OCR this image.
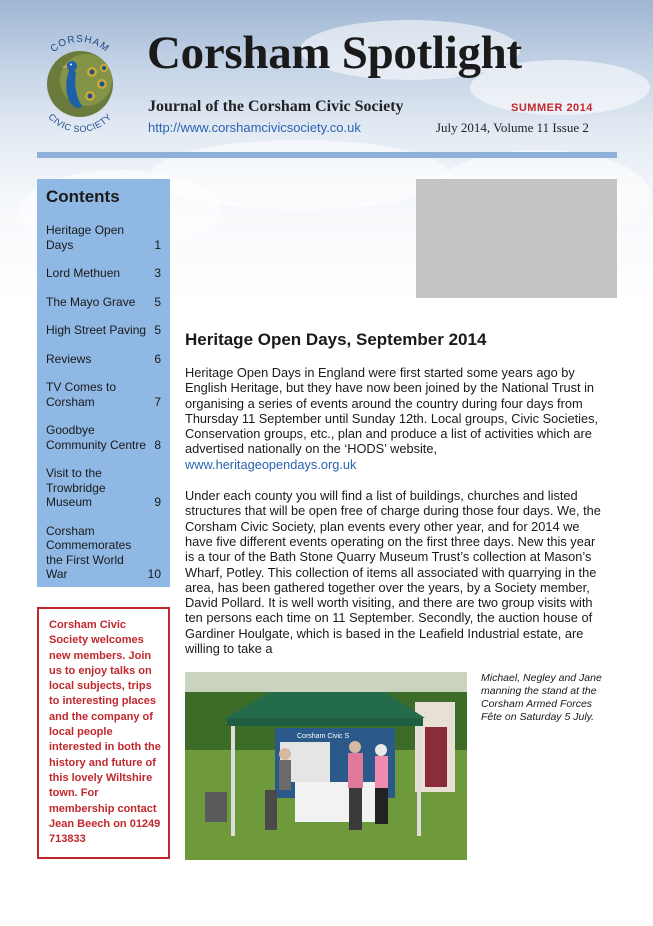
CORSHAM
CIVIC SOCIETY
Corsham Spotlight
Journal of the Corsham Civic Society	SUMMER 2014
http://www.corshamcivicsociety.co.uk	July 2014, Volume 11 Issue 2
Contents
Heritage Open Days	1
Lord Methuen	3
The Mayo Grave 5
High Street Paving 5
Reviews	6
TV Comes to Corsham	7
Goodbye Community Centre 8
Visit to the Trowbridge Museum	9
Corsham Commemorates the First World War	10
Corsham Civic Society welcomes new members. Join us to enjoy talks on local subjects, trips to interesting places and the company of local people interested in both the history and future of this lovely Wiltshire town. For membership contact Jean Beech on 01249 713833
Heritage Open Days, September 2014

Heritage Open Days in England were first started some years ago by English Heritage, but they have now been joined by the National Trust in organising a series of events around the country during four days from Thursday 11 September until Sunday 12th. Local groups, Civic Societies, Conservation groups, etc., plan and produce a list of activities which are advertised nationally on the ‘HODS’ website, www.heritageopendays.org.uk

Under each county you will find a list of buildings, churches and listed structures that will be open free of charge during those four days. We, the Corsham Civic Society, plan events every other year, and for 2014 we have five different events operating on the first three days. New this year is a tour of the Bath Stone Quarry Museum Trust’s collection at Mason’s Wharf, Potley. This collection of items all associated with quarrying in the area, has been gathered together over the years, by a Society member, David Pollard. It is well worth visiting, and there are two group visits with ten persons each time on 11 September. Secondly, the auction house of Gardiner Houlgate, which is based in the Leafield Industrial estate, are willing to take a

Corsham Civic S
Michael, Negley and Jane manning the stand at the Corsham Armed Forces Fête on Saturday 5 July.
